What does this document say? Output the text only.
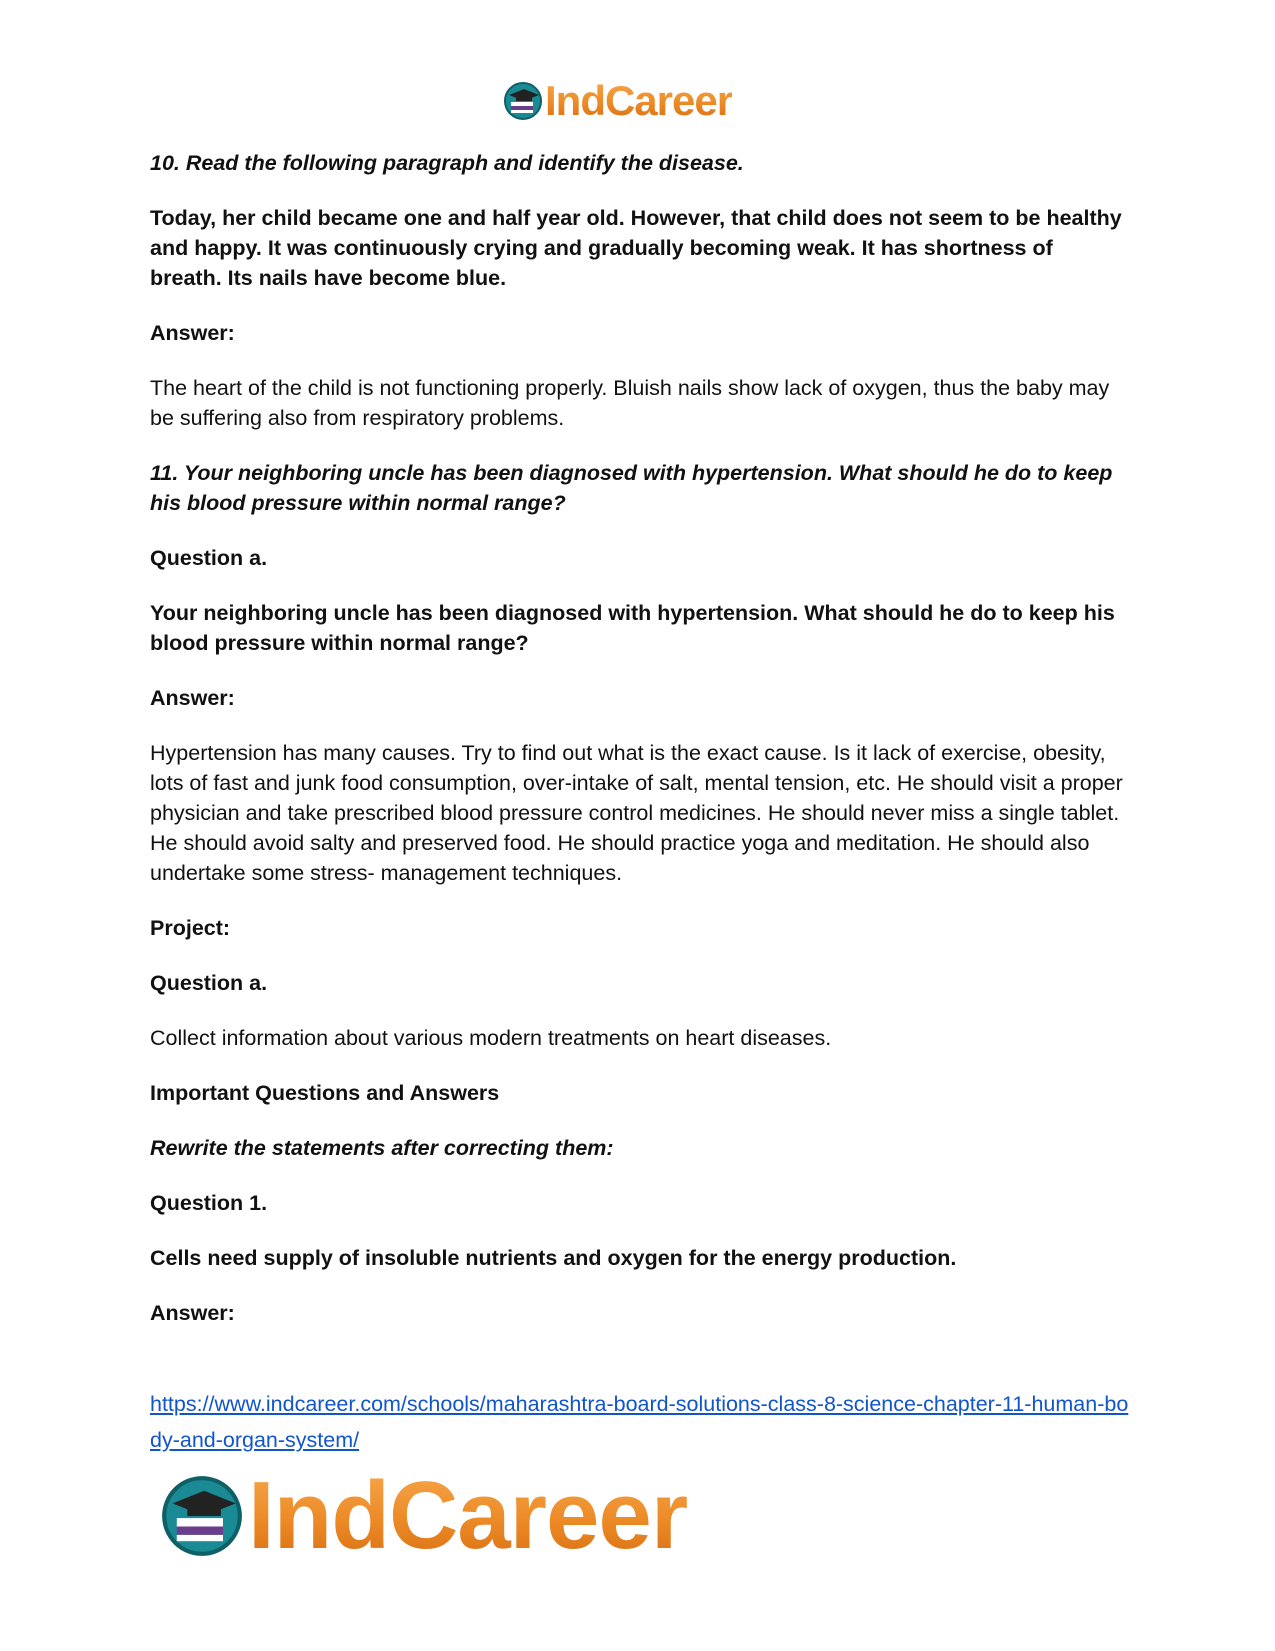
IndCareer

10. Read the following paragraph and identify the disease.

Today, her child became one and half year old. However, that child does not seem to be healthy and happy. It was continuously crying and gradually becoming weak. It has shortness of breath. Its nails have become blue.

Answer:

The heart of the child is not functioning properly. Bluish nails show lack of oxygen, thus the baby may be suffering also from respiratory problems.

11. Your neighboring uncle has been diagnosed with hypertension. What should he do to keep his blood pressure within normal range?

Question a.

Your neighboring uncle has been diagnosed with hypertension. What should he do to keep his blood pressure within normal range?

Answer:

Hypertension has many causes. Try to find out what is the exact cause. Is it lack of exercise, obesity, lots of fast and junk food consumption, over-intake of salt, mental tension, etc. He should visit a proper physician and take prescribed blood pressure control medicines. He should never miss a single tablet. He should avoid salty and preserved food. He should practice yoga and meditation. He should also undertake some stress- management techniques.

Project:

Question a.

Collect information about various modern treatments on heart diseases.

Important Questions and Answers

Rewrite the statements after correcting them:

Question 1.

Cells need supply of insoluble nutrients and oxygen for the energy production.

Answer:

https://www.indcareer.com/schools/maharashtra-board-solutions-class-8-science-chapter-11-human-body-and-organ-system/
IndCareer
